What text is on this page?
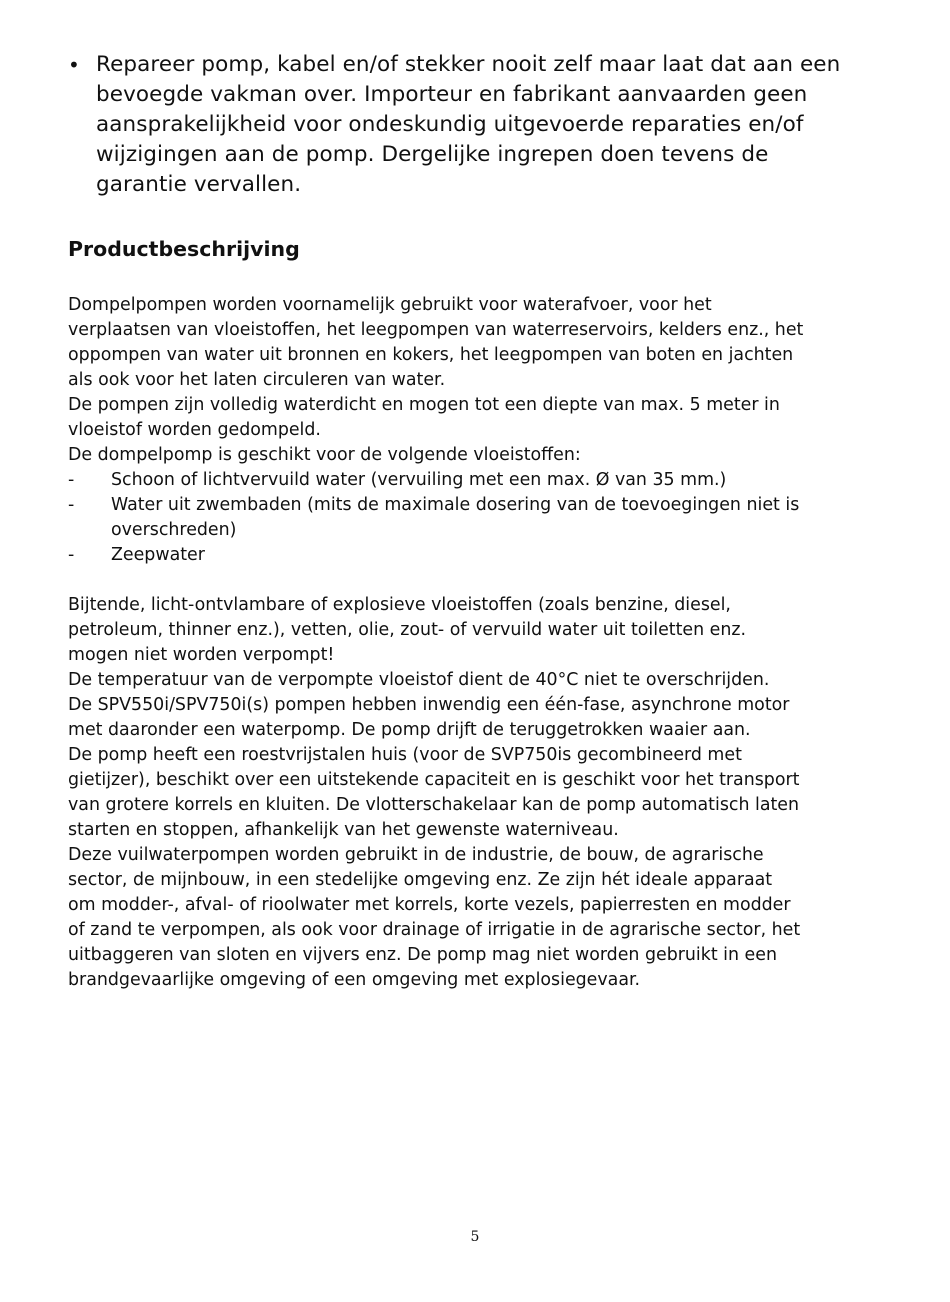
• Repareer pomp, kabel en/of stekker nooit zelf maar laat dat aan een
bevoegde vakman over. Importeur en fabrikant aanvaarden geen
aansprakelijkheid voor ondeskundig uitgevoerde reparaties en/of
wijzigingen aan de pomp. Dergelijke ingrepen doen tevens de
garantie vervallen.
Productbeschrijving

Dompelpompen worden voornamelijk gebruikt voor waterafvoer, voor het

verplaatsen van vloeistoffen, het leegpompen van waterreservoirs, kelders enz., het

oppompen van water uit bronnen en kokers, het leegpompen van boten en jachten

als ook voor het laten circuleren van water.

De pompen zijn volledig waterdicht en mogen tot een diepte van max. 5 meter in

vloeistof worden gedompeld.

De dompelpomp is geschikt voor de volgende vloeistoffen:

- Schoon of lichtvervuild water (vervuiling met een max. Ø van 35 mm.)
- Water uit zwembaden (mits de maximale dosering van de toevoegingen niet is
overschreden)
- Zeepwater

Bijtende, licht-ontvlambare of explosieve vloeistoffen (zoals benzine, diesel,

petroleum, thinner enz.), vetten, olie, zout- of vervuild water uit toiletten enz.

mogen niet worden verpompt!

De temperatuur van de verpompte vloeistof dient de 40°C niet te overschrijden.

De SPV550i/SPV750i(s) pompen hebben inwendig een één-fase, asynchrone motor

met daaronder een waterpomp. De pomp drijft de teruggetrokken waaier aan.

De pomp heeft een roestvrijstalen huis (voor de SVP750is gecombineerd met

gietijzer), beschikt over een uitstekende capaciteit en is geschikt voor het transport

van grotere korrels en kluiten. De vlotterschakelaar kan de pomp automatisch laten

starten en stoppen, afhankelijk van het gewenste waterniveau.

Deze vuilwaterpompen worden gebruikt in de industrie, de bouw, de agrarische

sector, de mijnbouw, in een stedelijke omgeving enz. Ze zijn hét ideale apparaat

om modder-, afval- of rioolwater met korrels, korte vezels, papierresten en modder

of zand te verpompen, als ook voor drainage of irrigatie in de agrarische sector, het

uitbaggeren van sloten en vijvers enz. De pomp mag niet worden gebruikt in een

brandgevaarlijke omgeving of een omgeving met explosiegevaar.

5
